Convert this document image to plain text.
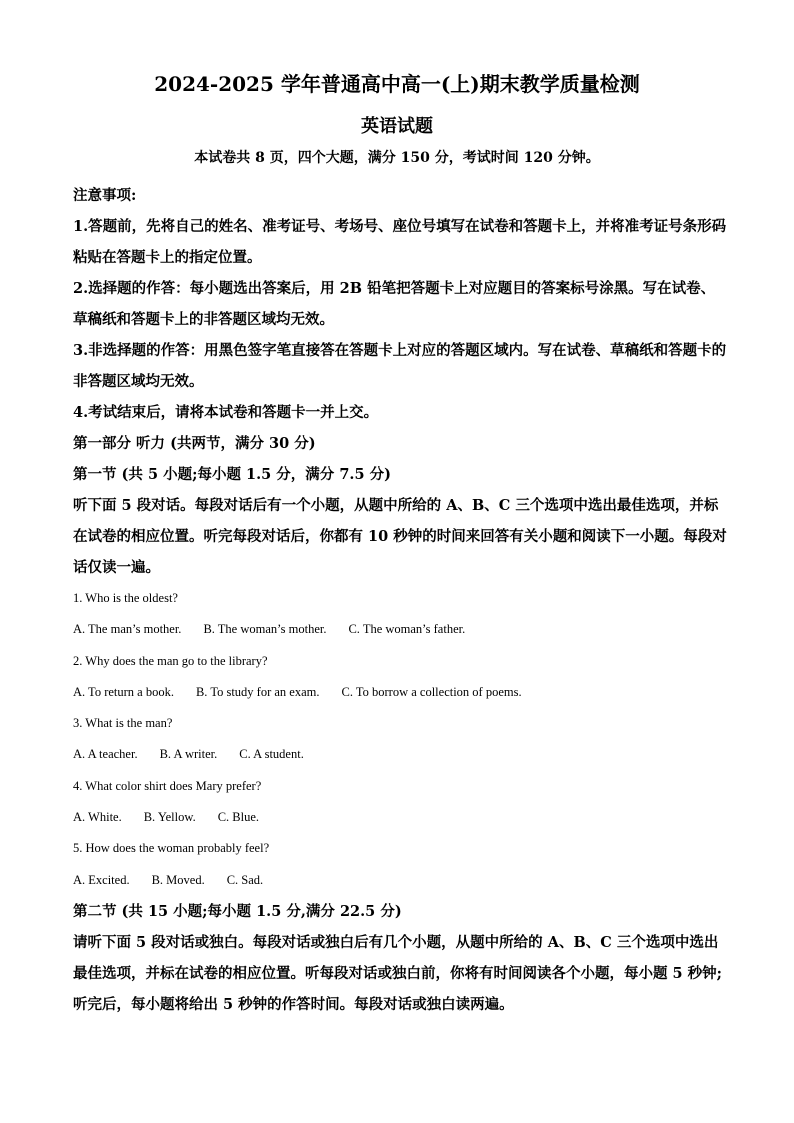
2024-2025 学年普通高中高一(上)期末教学质量检测
英语试题
本试卷共 8 页，四个大题，满分 150 分，考试时间 120 分钟。

注意事项:

1.答题前，先将自己的姓名、准考证号、考场号、座位号填写在试卷和答题卡上，并将准考证号条形码粘贴在答题卡上的指定位置。

2.选择题的作答：每小题选出答案后，用 2B 铅笔把答题卡上对应题目的答案标号涂黑。写在试卷、草稿纸和答题卡上的非答题区域均无效。

3.非选择题的作答：用黑色签字笔直接答在答题卡上对应的答题区域内。写在试卷、草稿纸和答题卡的非答题区域均无效。

4.考试结束后，请将本试卷和答题卡一并上交。

第一部分 听力 (共两节，满分 30 分)

第一节 (共 5 小题;每小题 1.5 分，满分 7.5 分)

听下面 5 段对话。每段对话后有一个小题，从题中所给的 A、B、C 三个选项中选出最佳选项，并标在试卷的相应位置。听完每段对话后，你都有 10 秒钟的时间来回答有关小题和阅读下一小题。每段对话仅读一遍。

1. Who is the oldest?

A. The man’s mother. B. The woman’s mother. C. The woman’s father.

2. Why does the man go to the library?

A. To return a book. B. To study for an exam. C. To borrow a collection of poems.

3. What is the man?

A. A teacher. B. A writer. C. A student.

4. What color shirt does Mary prefer?

A. White. B. Yellow. C. Blue.

5. How does the woman probably feel?

A. Excited. B. Moved. C. Sad.

第二节 (共 15 小题;每小题 1.5 分,满分 22.5 分)

请听下面 5 段对话或独白。每段对话或独白后有几个小题，从题中所给的 A、B、C 三个选项中选出最佳选项，并标在试卷的相应位置。听每段对话或独白前，你将有时间阅读各个小题，每小题 5 秒钟;听完后，每小题将给出 5 秒钟的作答时间。每段对话或独白读两遍。
